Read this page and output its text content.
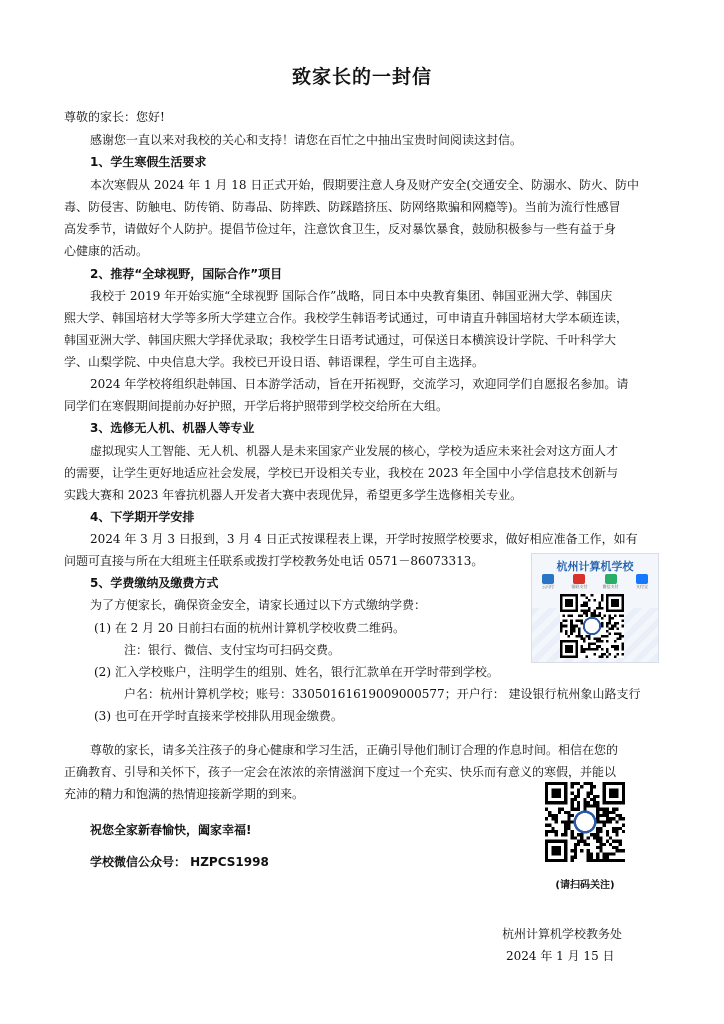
致家长的一封信
尊敬的家长：您好!
感谢您一直以来对我校的关心和支持！请您在百忙之中抽出宝贵时间阅读这封信。
1、学生寒假生活要求
本次寒假从 2024 年 1 月 18 日正式开始，假期要注意人身及财产安全(交通安全、防溺水、防火、防中
毒、防侵害、防触电、防传销、防毒品、防摔跌、防踩踏挤压、防网络欺骗和网瘾等)。当前为流行性感冒
高发季节，请做好个人防护。提倡节俭过年，注意饮食卫生，反对暴饮暴食，鼓励积极参与一些有益于身
心健康的活动。
2、推荐“全球视野，国际合作”项目
我校于 2019 年开始实施“全球视野 国际合作”战略，同日本中央教育集团、韩国亚洲大学、韩国庆
熙大学、韩国培材大学等多所大学建立合作。我校学生韩语考试通过，可申请直升韩国培材大学本硕连读，
韩国亚洲大学、韩国庆熙大学择优录取；我校学生日语考试通过，可保送日本横滨设计学院、千叶科学大
学、山梨学院、中央信息大学。我校已开设日语、韩语课程，学生可自主选择。
2024 年学校将组织赴韩国、日本游学活动，旨在开拓视野，交流学习，欢迎同学们自愿报名参加。请
同学们在寒假期间提前办好护照，开学后将护照带到学校交给所在大组。
3、选修无人机、机器人等专业
虚拟现实人工智能、无人机、机器人是未来国家产业发展的核心，学校为适应未来社会对这方面人才
的需要，让学生更好地适应社会发展，学校已开设相关专业，我校在 2023 年全国中小学信息技术创新与
实践大赛和 2023 年睿抗机器人开发者大赛中表现优异，希望更多学生选修相关专业。
4、下学期开学安排
2024 年 3 月 3 日报到，3 月 4 日正式按课程表上课，开学时按照学校要求，做好相应准备工作，如有
问题可直接与所在大组班主任联系或拨打学校教务处电话 0571－86073313。
5、学费缴纳及缴费方式
为了方便家长，确保资金安全，请家长通过以下方式缴纳学费：
(1) 在 2 月 20 日前扫右面的杭州计算机学校收费二维码。
注：银行、微信、支付宝均可扫码交费。
(2) 汇入学校账户，注明学生的组别、姓名，银行汇款单在开学时带到学校。
户名：杭州计算机学校；账号：33050161619009000577；开户行： 建设银行杭州象山路支行
(3) 也可在开学时直接来学校排队用现金缴费。
杭州计算机学校
云闪付	银联支付	微信支付	支付宝
尊敬的家长，请多关注孩子的身心健康和学习生活，正确引导他们制订合理的作息时间。相信在您的
正确教育、引导和关怀下，孩子一定会在浓浓的亲情滋润下度过一个充实、快乐而有意义的寒假，并能以
充沛的精力和饱满的热情迎接新学期的到来。
祝您全家新春愉快，阖家幸福!
学校微信公众号： HZPCS1998
(请扫码关注)
杭州计算机学校教务处
2024 年 1 月 15 日
